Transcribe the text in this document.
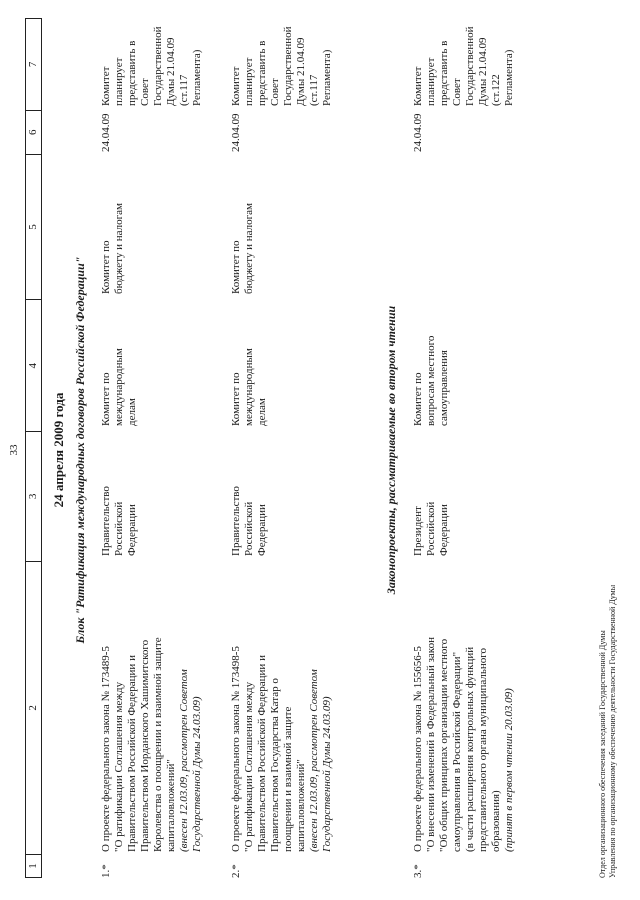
33
1
2
3
4
5
6
7
24 апреля 2009 года Блок "Ратификация международных договоров Российской Федерации"
1.*
О проекте федерального закона № 173489-5 "О ратификации Соглашения между Правительством Российской Федерации и Правительством Иорданского Хашимитского Королевства о поощрении и взаимной защите капиталовложений" (внесен 12.03.09, рассмотрен Советом Государственной Думы 24.03.09)
Правительство Российской Федерации
Комитет по международным делам
Комитет по бюджету и налогам
24.04.09
Комитет планирует представить в Совет Государственной Думы 21.04.09 (ст.117 Регламента)
2.*
О проекте федерального закона № 173498-5 "О ратификации Соглашения между Правительством Российской Федерации и Правительством Государства Катар о поощрении и взаимной защите капиталовложений" (внесен 12.03.09, рассмотрен Советом Государственной Думы 24.03.09)
Правительство Российской Федерации
Комитет по международным делам
Комитет по бюджету и налогам
24.04.09
Комитет планирует представить в Совет Государственной Думы 21.04.09 (ст.117 Регламента)
Законопроекты, рассматриваемые во втором чтении
3.*
О проекте федерального закона № 155656-5 "О внесении изменений в Федеральный закон "Об общих принципах организации местного самоуправления в Российской Федерации" (в части расширения контрольных функций представительного органа муниципального образования) (принят в первом чтении 20.03.09)
Президент Российской Федерации
Комитет по вопросам местного самоуправления
24.04.09
Комитет планирует представить в Совет Государственной Думы 21.04.09 (ст.122 Регламента)
Отдел организационного обеспечения заседаний Государственной Думы Управления по организационному обеспечению деятельности Государственной Думы
